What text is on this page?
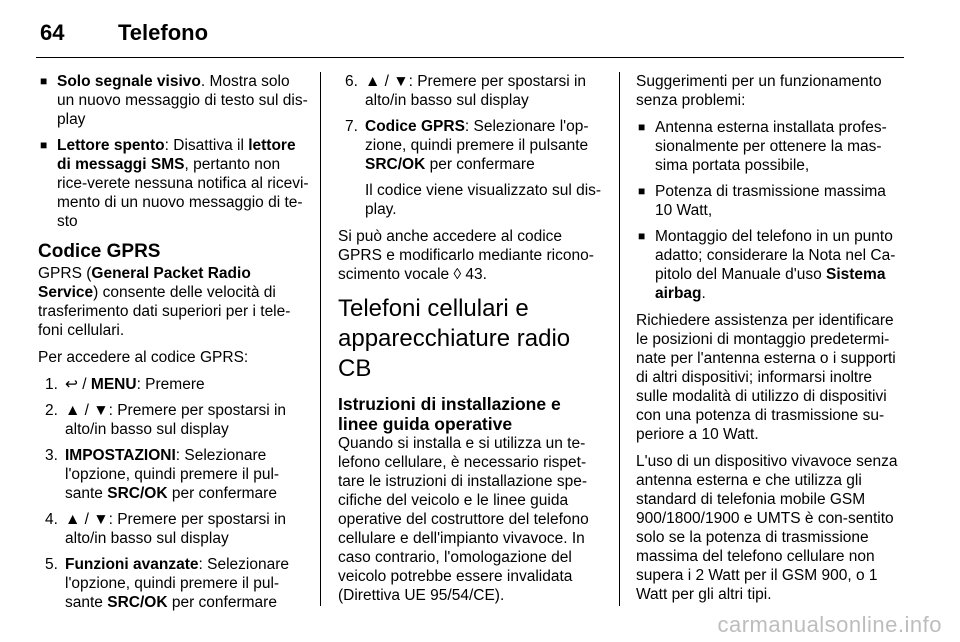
64 Telefono
■ Solo segnale visivo. Mostra solo un nuovo messaggio di testo sul dis-play
■ Lettore spento: Disattiva il lettore di messaggi SMS, pertanto non rice-verete nessuna notifica al ricevi-mento di un nuovo messaggio di te-sto
Codice GPRS

GPRS (General Packet Radio Service) consente delle velocità di trasferimento dati superiori per i tele-foni cellulari.

Per accedere al codice GPRS:

1. ↩ / MENU: Premere
2. ▲ / ▼: Premere per spostarsi in alto/in basso sul display
3. IMPOSTAZIONI: Selezionare l'opzione, quindi premere il pul-sante SRC/OK per confermare
4. ▲ / ▼: Premere per spostarsi in alto/in basso sul display
5. Funzioni avanzate: Selezionare l'opzione, quindi premere il pul-sante SRC/OK per confermare
6. ▲ / ▼: Premere per spostarsi in alto/in basso sul display
7. Codice GPRS: Selezionare l'op-zione, quindi premere il pulsante SRC/OK per confermare
Il codice viene visualizzato sul dis-play.

Si può anche accedere al codice GPRS e modificarlo mediante ricono-scimento vocale ◊ 43.

Telefoni cellulari e apparecchiature radio CB
Istruzioni di installazione e linee guida operative

Quando si installa e si utilizza un te-lefono cellulare, è necessario rispet-tare le istruzioni di installazione spe-cifiche del veicolo e le linee guida operative del costruttore del telefono cellulare e dell'impianto vivavoce. In caso contrario, l'omologazione del veicolo potrebbe essere invalidata (Direttiva UE 95/54/CE).

Suggerimenti per un funzionamento senza problemi:

■ Antenna esterna installata profes-sionalmente per ottenere la mas-sima portata possibile,
■ Potenza di trasmissione massima 10 Watt,
■ Montaggio del telefono in un punto adatto; considerare la Nota nel Ca-pitolo del Manuale d'uso Sistema airbag.

Richiedere assistenza per identificare le posizioni di montaggio predetermi-nate per l'antenna esterna o i supporti di altri dispositivi; informarsi inoltre sulle modalità di utilizzo di dispositivi con una potenza di trasmissione su-periore a 10 Watt.

L'uso di un dispositivo vivavoce senza antenna esterna e che utilizza gli standard di telefonia mobile GSM 900/1800/1900 e UMTS è con-sentito solo se la potenza di trasmissione massima del telefono cellulare non supera i 2 Watt per il GSM 900, o 1 Watt per gli altri tipi.

carmanualsonline.info
